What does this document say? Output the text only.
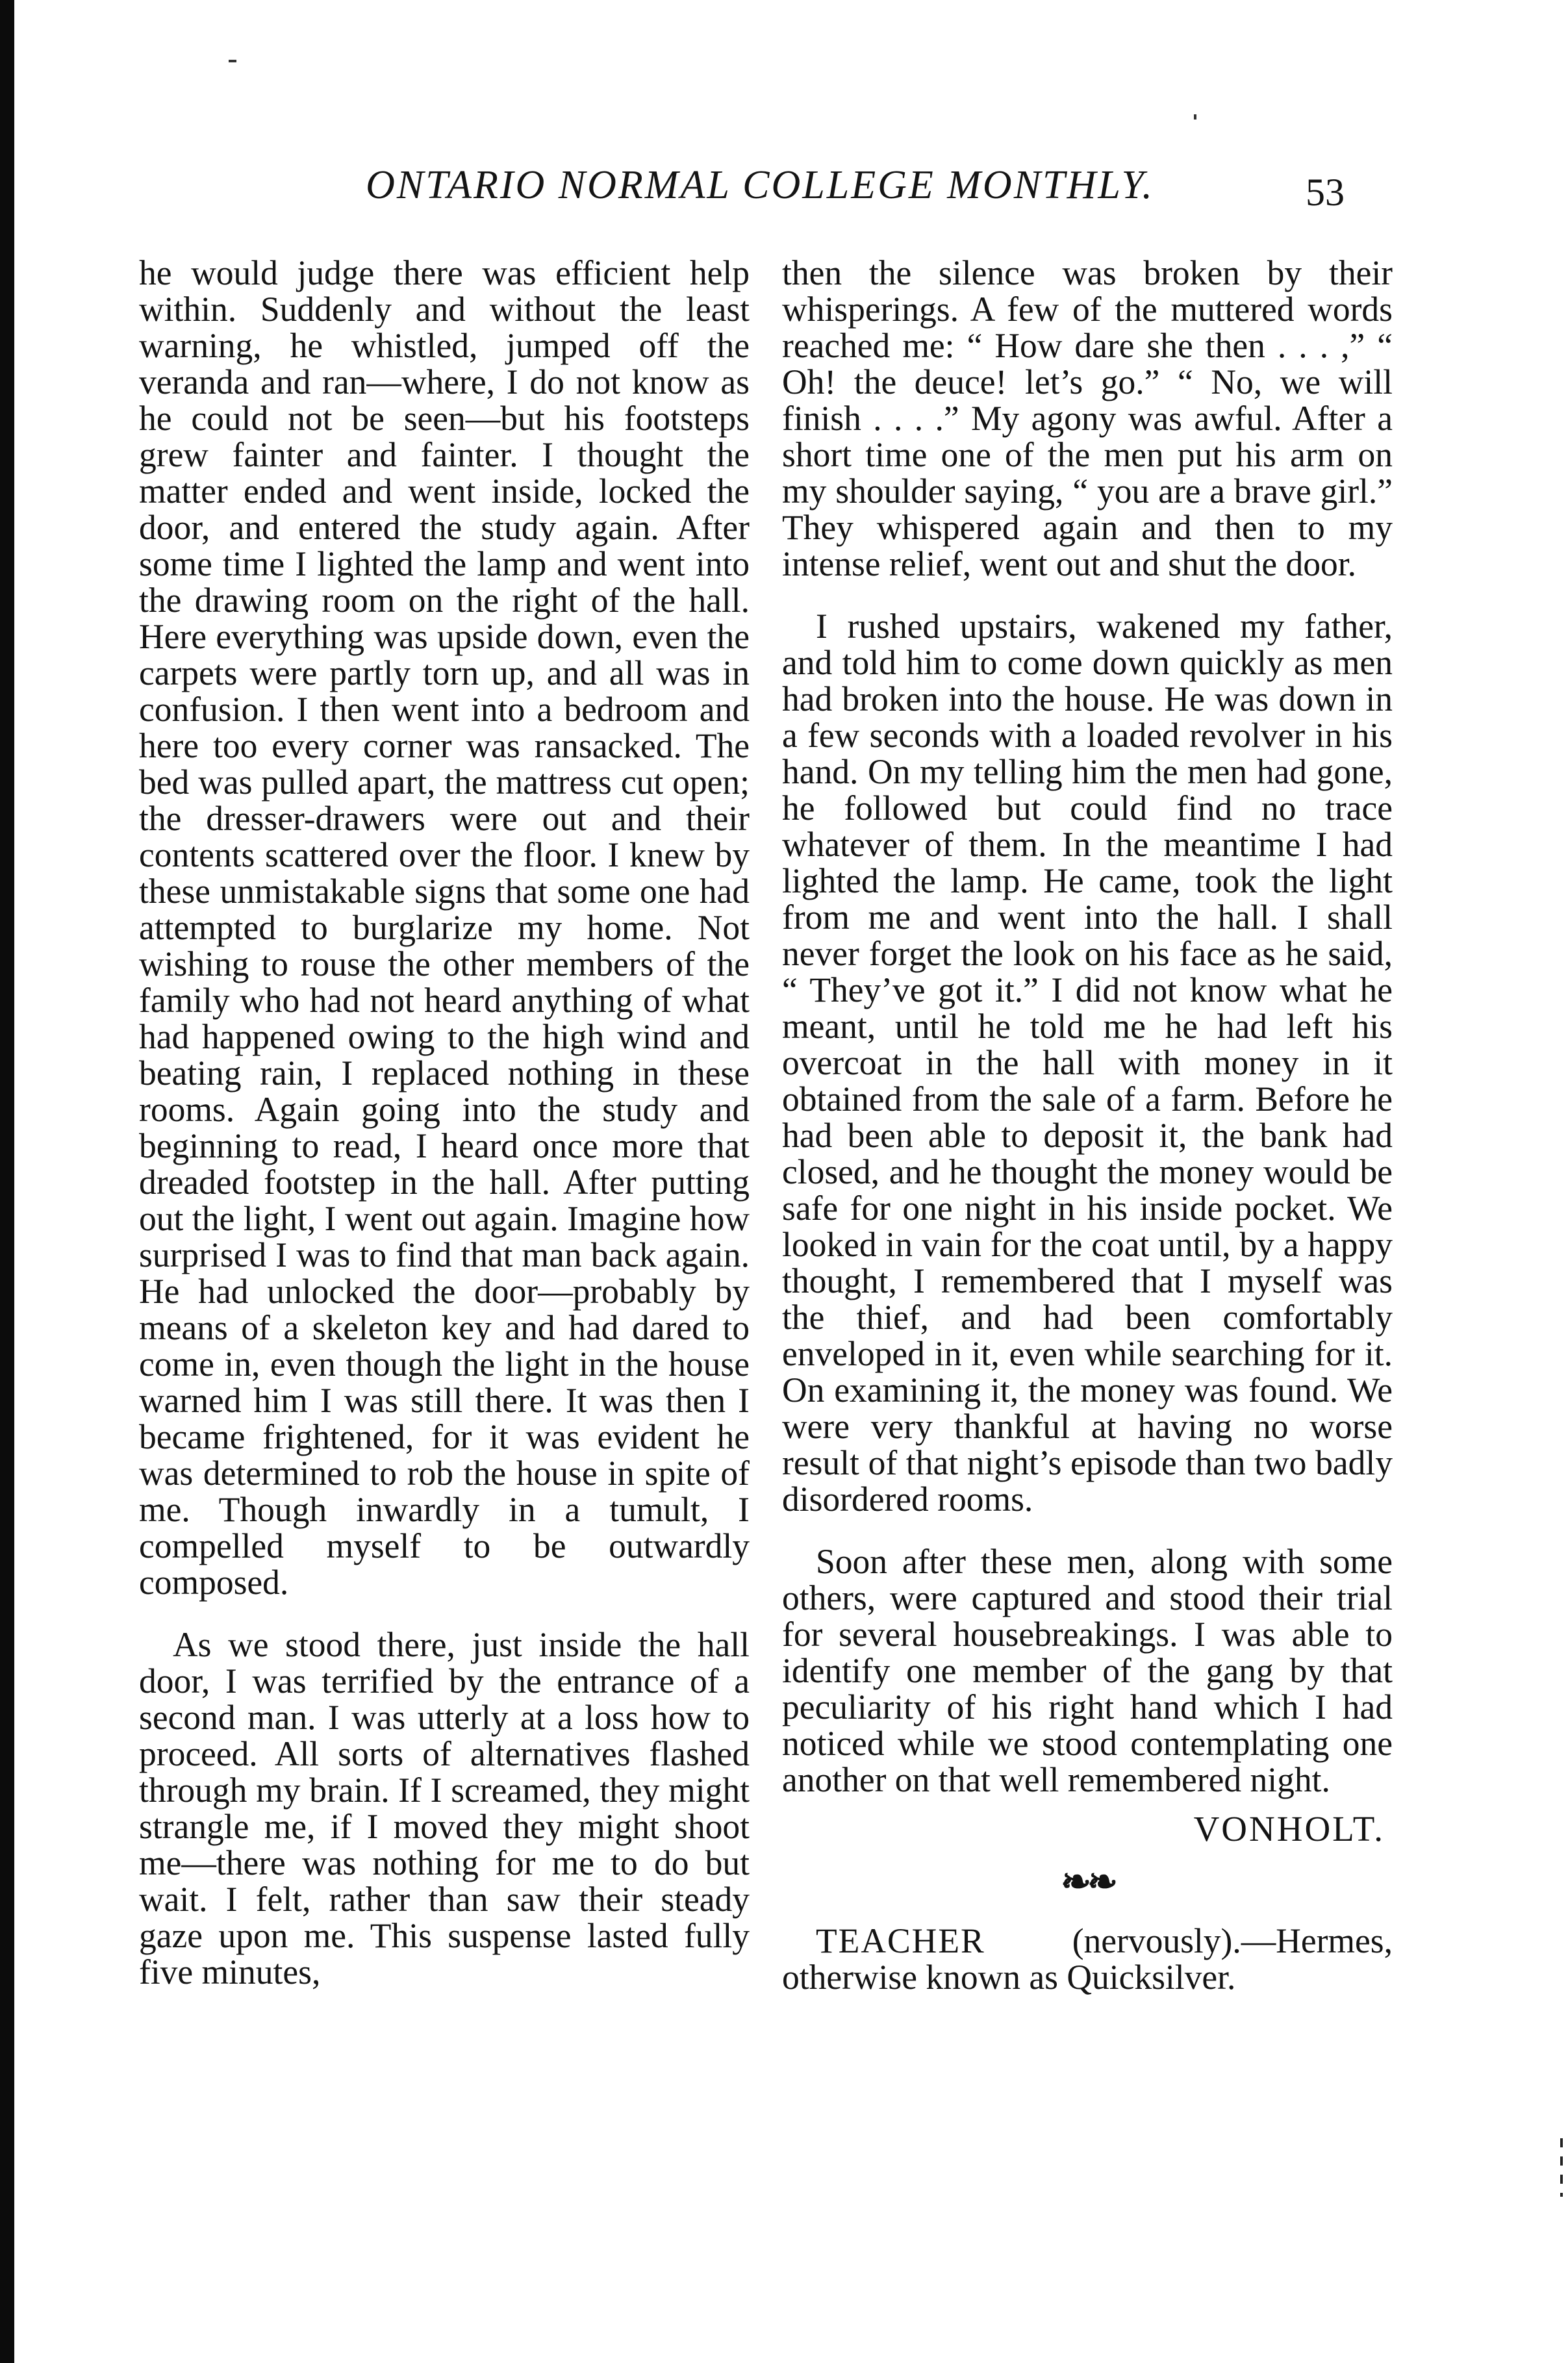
ONTARIO NORMAL COLLEGE MONTHLY.	53

he would judge there was efficient help within. Suddenly and without the least warning, he whistled, jumped off the veranda and ran—where, I do not know as he could not be seen—but his footsteps grew fainter and fainter. I thought the matter ended and went inside, locked the door, and entered the study again. After some time I lighted the lamp and went into the drawing room on the right of the hall. Here everything was upside down, even the carpets were partly torn up, and all was in confusion. I then went into a bedroom and here too every corner was ransacked. The bed was pulled apart, the mattress cut open; the dresser-drawers were out and their contents scattered over the floor. I knew by these unmistakable signs that some one had attempted to burglarize my home. Not wishing to rouse the other members of the family who had not heard anything of what had happened owing to the high wind and beating rain, I replaced nothing in these rooms. Again going into the study and beginning to read, I heard once more that dreaded footstep in the hall. After putting out the light, I went out again. Imagine how surprised I was to find that man back again. He had unlocked the door—probably by means of a skeleton key and had dared to come in, even though the light in the house warned him I was still there. It was then I became frightened, for it was evident he was determined to rob the house in spite of me. Though inwardly in a tumult, I compelled myself to be outwardly composed.

As we stood there, just inside the hall door, I was terrified by the entrance of a second man. I was utterly at a loss how to proceed. All sorts of alternatives flashed through my brain. If I screamed, they might strangle me, if I moved they might shoot me—there was nothing for me to do but wait. I felt, rather than saw their steady gaze upon me. This suspense lasted fully five minutes,

then the silence was broken by their whisperings. A few of the muttered words reached me: “ How dare she then . . . ,” “ Oh! the deuce! let’s go.” “ No, we will finish . . . .” My agony was awful. After a short time one of the men put his arm on my shoulder saying, “ you are a brave girl.” They whispered again and then to my intense relief, went out and shut the door.

I rushed upstairs, wakened my father, and told him to come down quickly as men had broken into the house. He was down in a few seconds with a loaded revolver in his hand. On my telling him the men had gone, he followed but could find no trace whatever of them. In the meantime I had lighted the lamp. He came, took the light from me and went into the hall. I shall never forget the look on his face as he said, “ They’ve got it.” I did not know what he meant, until he told me he had left his overcoat in the hall with money in it obtained from the sale of a farm. Before he had been able to deposit it, the bank had closed, and he thought the money would be safe for one night in his inside pocket. We looked in vain for the coat until, by a happy thought, I remembered that I myself was the thief, and had been comfortably enveloped in it, even while searching for it. On examining it, the money was found. We were very thankful at having no worse result of that night’s episode than two badly disordered rooms.

Soon after these men, along with some others, were captured and stood their trial for several housebreakings. I was able to identify one member of the gang by that peculiarity of his right hand which I had noticed while we stood contemplating one another on that well remembered night.

VONHOLT.
❧❧

TEACHER (nervously).—Hermes, otherwise known as Quicksilver.
